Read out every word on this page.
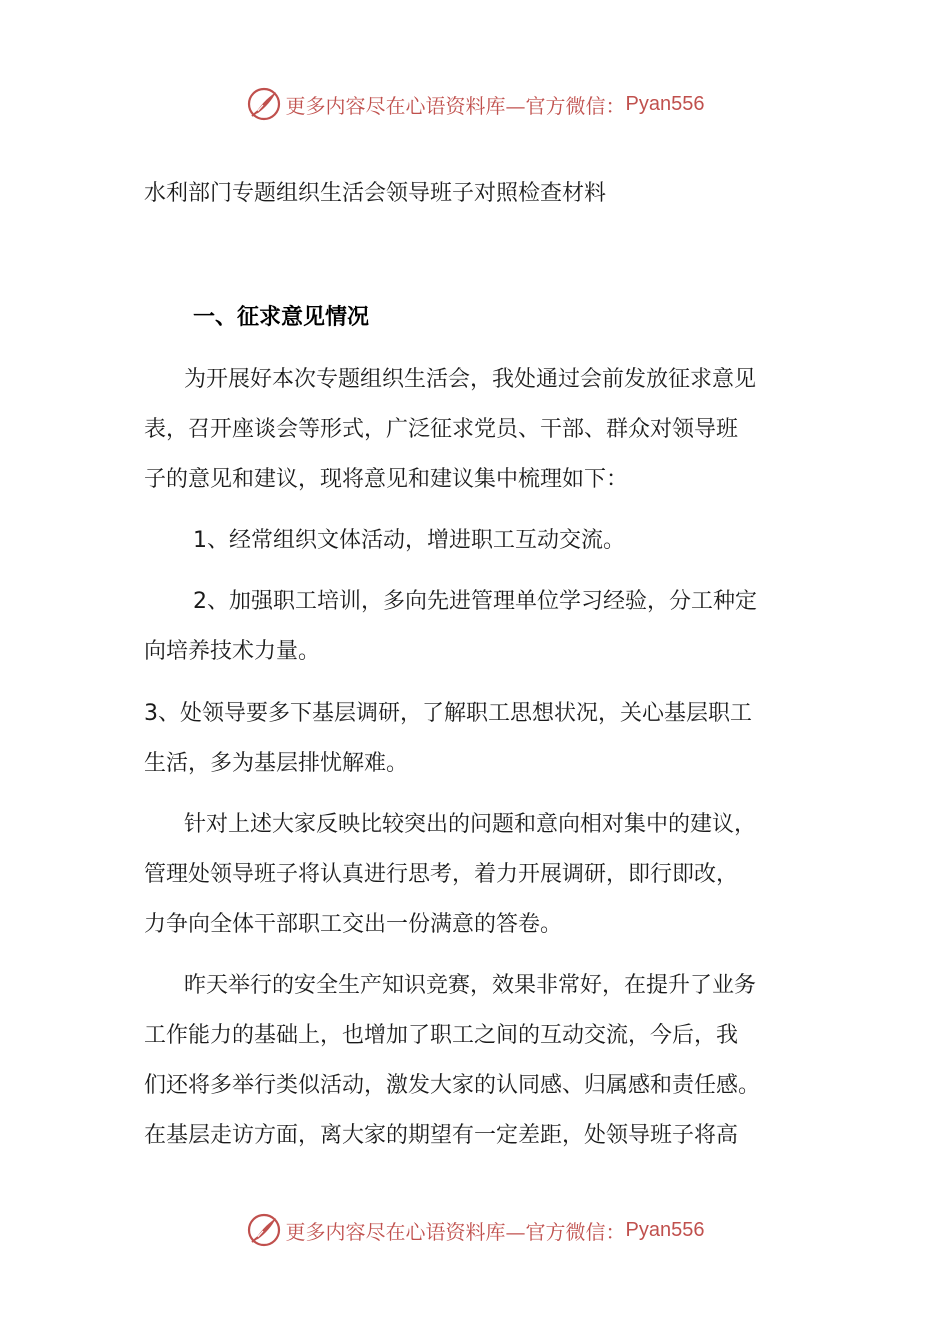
更多内容尽在心语资料库—官方微信： Pyan556
水利部门专题组织生活会领导班子对照检查材料
一、征求意见情况
为开展好本次专题组织生活会，我处通过会前发放征求意见
表，召开座谈会等形式，广泛征求党员、干部、群众对领导班
子的意见和建议，现将意见和建议集中梳理如下：
1、经常组织文体活动，增进职工互动交流。
2、加强职工培训，多向先进管理单位学习经验，分工种定
向培养技术力量。
3、处领导要多下基层调研，了解职工思想状况，关心基层职工
生活，多为基层排忧解难。
针对上述大家反映比较突出的问题和意向相对集中的建议，
管理处领导班子将认真进行思考，着力开展调研，即行即改，
力争向全体干部职工交出一份满意的答卷。
昨天举行的安全生产知识竞赛，效果非常好，在提升了业务
工作能力的基础上，也增加了职工之间的互动交流，今后，我
们还将多举行类似活动，激发大家的认同感、归属感和责任感。
在基层走访方面，离大家的期望有一定差距，处领导班子将高
更多内容尽在心语资料库—官方微信： Pyan556
